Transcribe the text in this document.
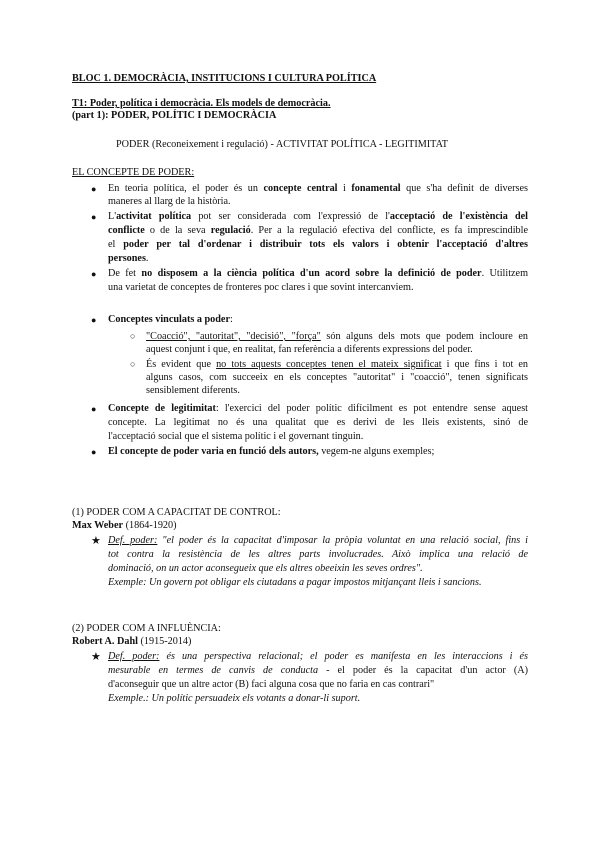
BLOC 1. DEMOCRÀCIA, INSTITUCIONS I CULTURA POLÍTICA
T1: Poder, política i democràcia. Els models de democràcia.
(part 1): PODER, POLÍTIC I DEMOCRÀCIA
PODER (Reconeixement i regulació) - ACTIVITAT POLÍTICA - LEGITIMITAT
EL CONCEPTE DE PODER:
● En teoria política, el poder és un concepte central i fonamental que s'ha definit de diverses
maneres al llarg de la història.
● L'activitat política pot ser considerada com l'expressió de l'acceptació de l'existència del
conflicte o de la seva regulació. Per a la regulació efectiva del conflicte, es fa imprescindible
el poder per tal d'ordenar i distribuir tots els valors i obtenir l'acceptació d'altres
persones.
● De fet no disposem a la ciència política d'un acord sobre la definició de poder. Utilitzem
una varietat de conceptes de fronteres poc clares i que sovint intercanviem.
● Conceptes vinculats a poder:
○ "Coacció", "autoritat", "decisió", "força" són alguns dels mots que podem incloure en
aquest conjunt i que, en realitat, fan referència a diferents expressions del poder.
○ És evident que no tots aquests conceptes tenen el mateix significat i que fins i tot en
alguns casos, com succeeix en els conceptes "autoritat" i "coacció", tenen significats
sensiblement diferents.
● Concepte de legitimitat: l'exercici del poder polític difícilment es pot entendre sense aquest
concepte. La legitimat no és una qualitat que es derivi de les lleis existents, sinó de
l'acceptació social que el sistema polític i el governant tinguin.
● El concepte de poder varia en funció dels autors, vegem-ne alguns exemples;
(1) PODER COM A CAPACITAT DE CONTROL:
Max Weber (1864-1920)
★ Def. poder: "el poder és la capacitat d'imposar la pròpia voluntat en una relació social, fins i
tot contra la resistència de les altres parts involucrades. Això implica una relació de
dominació, on un actor aconsegueix que els altres obeeixin les seves ordres".
Exemple: Un govern pot obligar els ciutadans a pagar impostos mitjançant lleis i sancions.
(2) PODER COM A INFLUÈNCIA:
Robert A. Dahl (1915-2014)
★ Def. poder: és una perspectiva relacional; el poder es manifesta en les interaccions i és
mesurable en termes de canvis de conducta - el poder és la capacitat d'un actor (A)
d'aconseguir que un altre actor (B) faci alguna cosa que no faria en cas contrari"
Exemple.: Un polític persuadeix els votants a donar-li suport.
